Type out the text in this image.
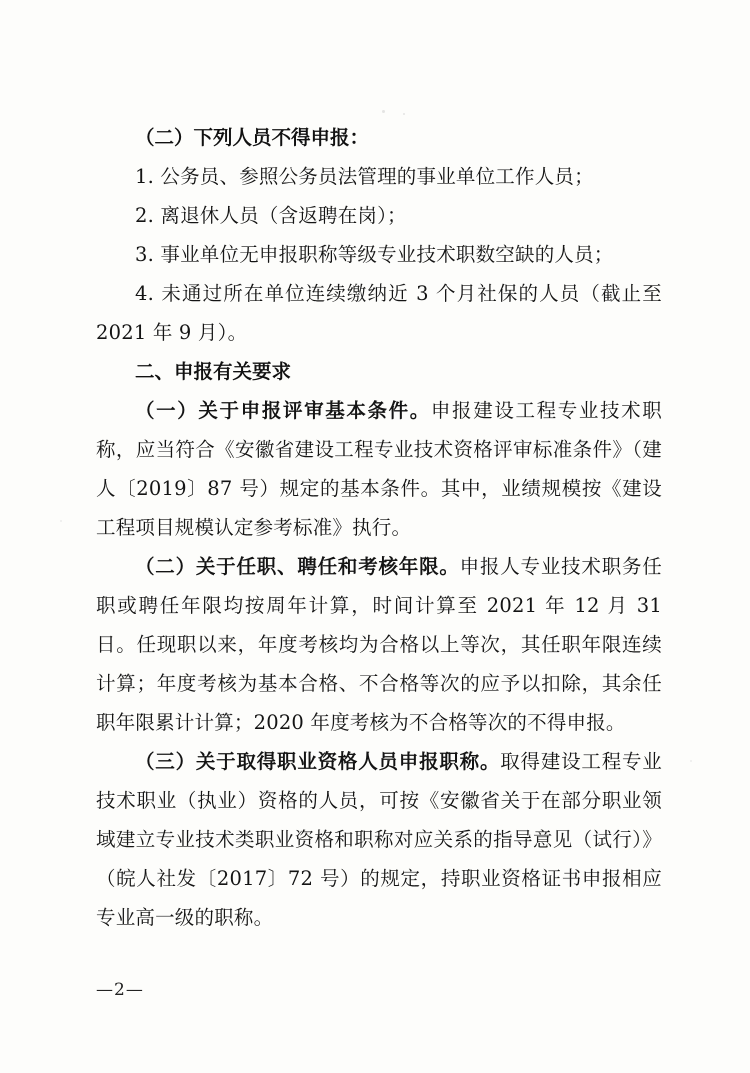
（二）下列人员不得申报：

1. 公务员、参照公务员法管理的事业单位工作人员；

2. 离退休人员（含返聘在岗）；

3. 事业单位无申报职称等级专业技术职数空缺的人员；

4. 未通过所在单位连续缴纳近 3 个月社保的人员（截止至 2021 年 9 月）。

二、申报有关要求

（一）关于申报评审基本条件。申报建设工程专业技术职称，应当符合《安徽省建设工程专业技术资格评审标准条件》（建人〔2019〕87 号）规定的基本条件。其中，业绩规模按《建设工程项目规模认定参考标准》执行。

（二）关于任职、聘任和考核年限。申报人专业技术职务任职或聘任年限均按周年计算，时间计算至 2021 年 12 月 31 日。任现职以来，年度考核均为合格以上等次，其任职年限连续计算；年度考核为基本合格、不合格等次的应予以扣除，其余任职年限累计计算；2020 年度考核为不合格等次的不得申报。

（三）关于取得职业资格人员申报职称。取得建设工程专业技术职业（执业）资格的人员，可按《安徽省关于在部分职业领域建立专业技术类职业资格和职称对应关系的指导意见（试行）》（皖人社发〔2017〕72 号）的规定，持职业资格证书申报相应专业高一级的职称。

—2—
